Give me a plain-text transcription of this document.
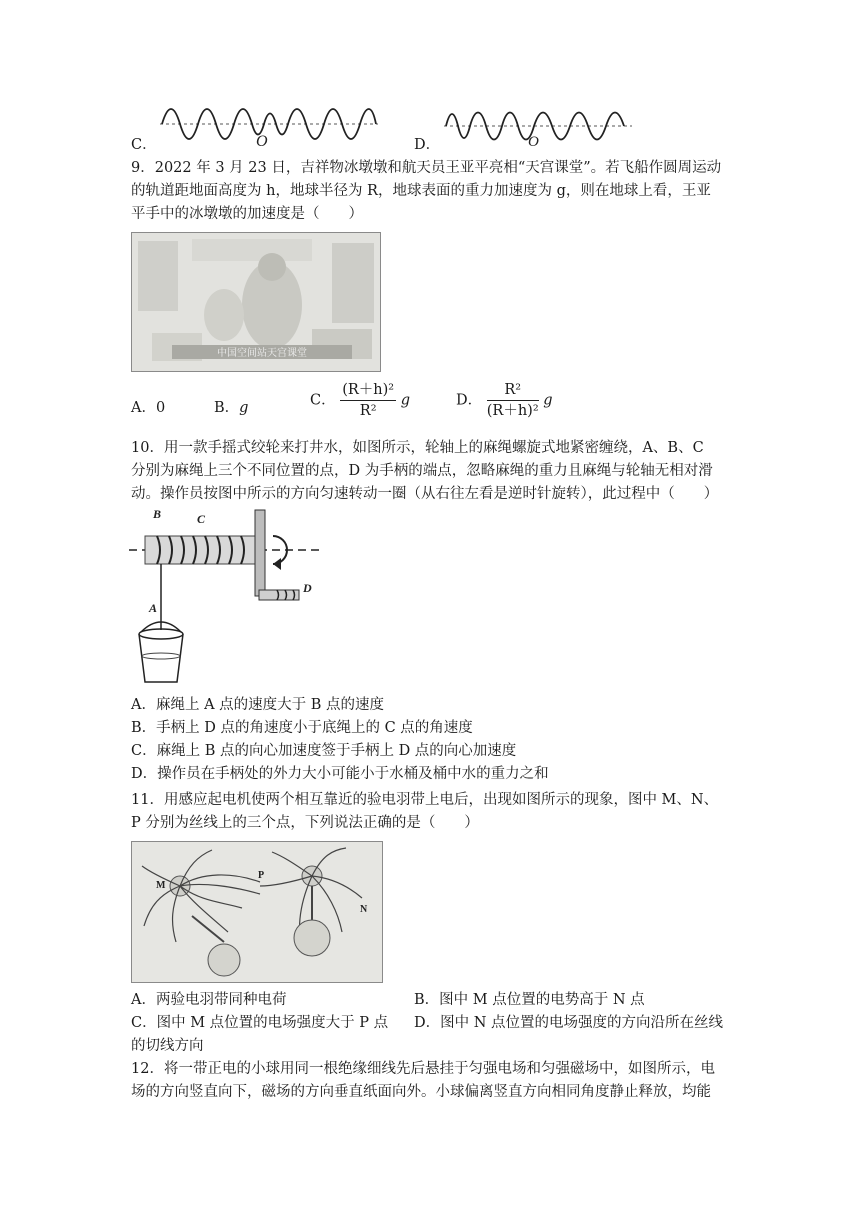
C．	O	D．	O
9．2022 年 3 月 23 日，吉祥物冰墩墩和航天员王亚平亮相“天宫课堂”。若飞船作圆周运动
的轨道距地面高度为 h，地球半径为 R，地球表面的重力加速度为 g，则在地球上看，王亚
平手中的冰墩墩的加速度是（　　）
中国空间站天宫课堂
A．0	B．g	C． $\frac{\text{(R＋h)²}}{\text{R²}}$ g	D． $\frac{\text{R²}}{\text{(R＋h)²}}$ g
10．用一款手摇式绞轮来打井水，如图所示，轮轴上的麻绳螺旋式地紧密缠绕，A、B、C
分别为麻绳上三个不同位置的点，D 为手柄的端点，忽略麻绳的重力且麻绳与轮轴无相对滑
动。操作员按图中所示的方向匀速转动一圈（从右往左看是逆时针旋转），此过程中（　　）
B	C
D
A
A．麻绳上 A 点的速度大于 B 点的速度
B．手柄上 D 点的角速度小于底绳上的 C 点的角速度
C．麻绳上 B 点的向心加速度签于手柄上 D 点的向心加速度
D．操作员在手柄处的外力大小可能小于水桶及桶中水的重力之和
11．用感应起电机使两个相互靠近的验电羽带上电后，出现如图所示的现象，图中 M、N、
P 分别为丝线上的三个点，下列说法正确的是（　　）
M
P
N
A．两验电羽带同种电荷	B．图中 M 点位置的电势高于 N 点
C．图中 M 点位置的电场强度大于 P 点 D．图中 N 点位置的电场强度的方向沿所在丝线
的切线方向
12．将一带正电的小球用同一根绝缘细线先后悬挂于匀强电场和匀强磁场中，如图所示，电
场的方向竖直向下，磁场的方向垂直纸面向外。小球偏离竖直方向相同角度静止释放，均能
